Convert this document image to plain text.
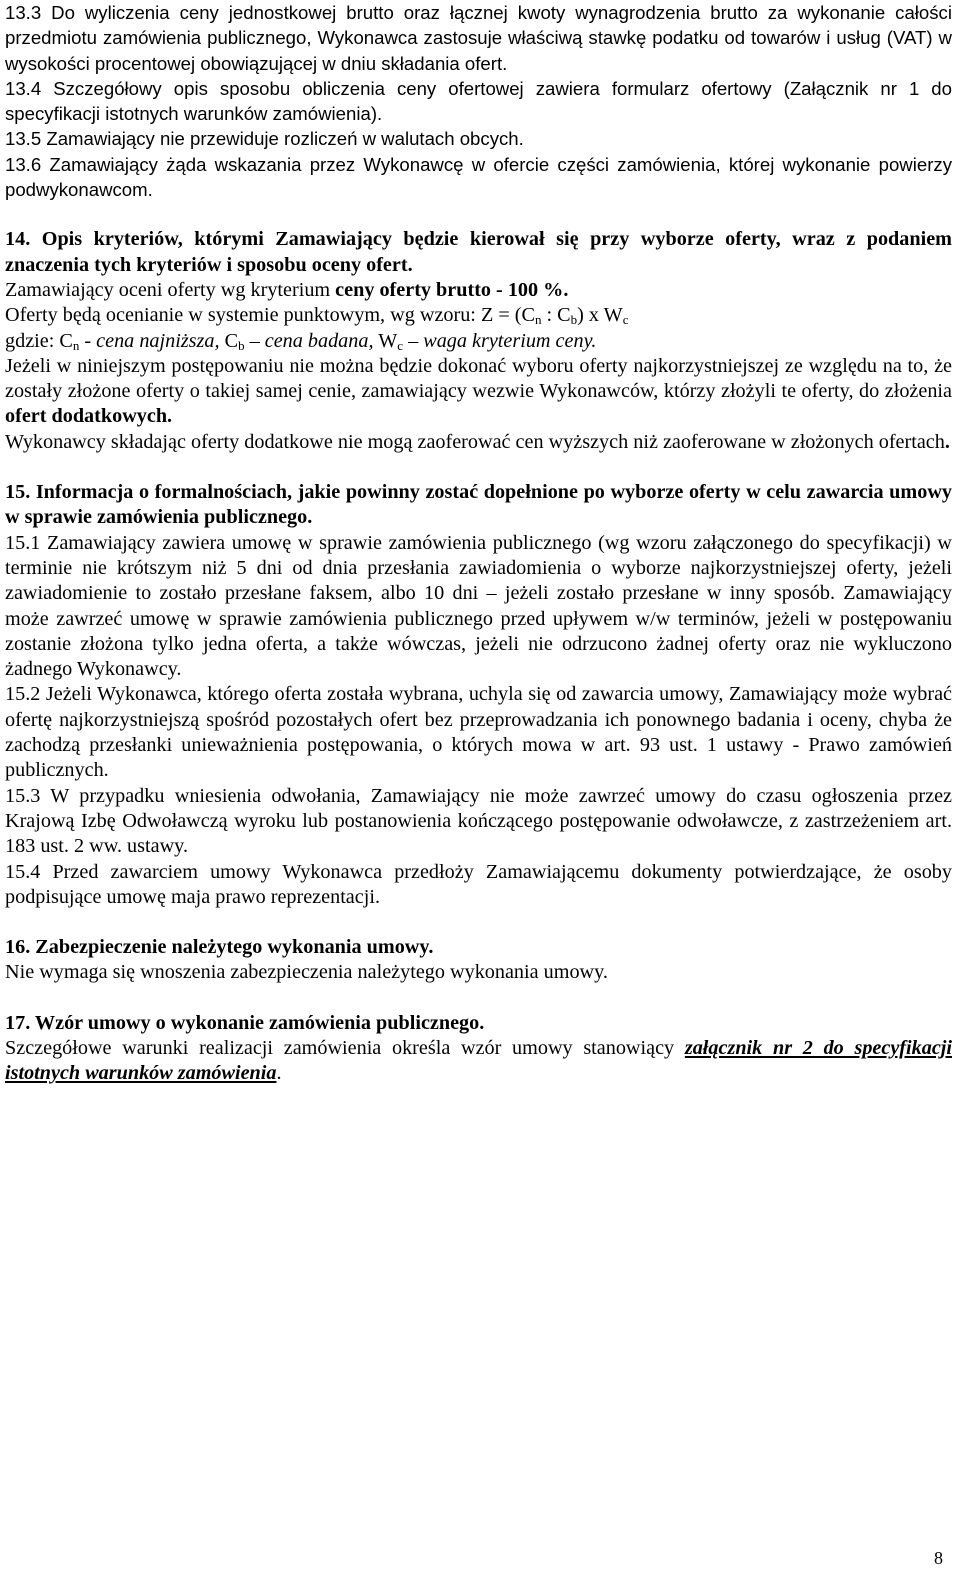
13.3 Do wyliczenia ceny jednostkowej brutto oraz łącznej kwoty wynagrodzenia brutto za wykonanie całości przedmiotu zamówienia publicznego, Wykonawca zastosuje właściwą stawkę podatku od towarów i usług (VAT) w wysokości procentowej obowiązującej w dniu składania ofert.

13.4 Szczegółowy opis sposobu obliczenia ceny ofertowej zawiera formularz ofertowy (Załącznik nr 1 do specyfikacji istotnych warunków zamówienia).

13.5 Zamawiający nie przewiduje rozliczeń w walutach obcych.

13.6 Zamawiający żąda wskazania przez Wykonawcę w ofercie części zamówienia, której wykonanie powierzy podwykonawcom.

14. Opis kryteriów, którymi Zamawiający będzie kierował się przy wyborze oferty, wraz z podaniem znaczenia tych kryteriów i sposobu oceny ofert.

Zamawiający oceni oferty wg kryterium ceny oferty brutto - 100 %.

Oferty będą ocenianie w systemie punktowym, wg wzoru: $Z = (C_n$ : $C_b$) x $W_c$

gdzie: $C_n$ - cena najniższa, $C_b$ – cena badana, $W_c$ – waga kryterium ceny.

Jeżeli w niniejszym postępowaniu nie można będzie dokonać wyboru oferty najkorzystniejszej ze względu na to, że zostały złożone oferty o takiej samej cenie, zamawiający wezwie Wykonawców, którzy złożyli te oferty, do złożenia ofert dodatkowych.

Wykonawcy składając oferty dodatkowe nie mogą zaoferować cen wyższych niż zaoferowane w złożonych ofertach.

15. Informacja o formalnościach, jakie powinny zostać dopełnione po wyborze oferty w celu zawarcia umowy w sprawie zamówienia publicznego.

15.1 Zamawiający zawiera umowę w sprawie zamówienia publicznego (wg wzoru załączonego do specyfikacji) w terminie nie krótszym niż 5 dni od dnia przesłania zawiadomienia o wyborze najkorzystniejszej oferty, jeżeli zawiadomienie to zostało przesłane faksem, albo 10 dni – jeżeli zostało przesłane w inny sposób. Zamawiający może zawrzeć umowę w sprawie zamówienia publicznego przed upływem w/w terminów, jeżeli w postępowaniu zostanie złożona tylko jedna oferta, a także wówczas, jeżeli nie odrzucono żadnej oferty oraz nie wykluczono żadnego Wykonawcy.

15.2 Jeżeli Wykonawca, którego oferta została wybrana, uchyla się od zawarcia umowy, Zamawiający może wybrać ofertę najkorzystniejszą spośród pozostałych ofert bez przeprowadzania ich ponownego badania i oceny, chyba że zachodzą przesłanki unieważnienia postępowania, o których mowa w art. 93 ust. 1 ustawy - Prawo zamówień publicznych.

15.3 W przypadku wniesienia odwołania, Zamawiający nie może zawrzeć umowy do czasu ogłoszenia przez Krajową Izbę Odwoławczą wyroku lub postanowienia kończącego postępowanie odwoławcze, z zastrzeżeniem art. 183 ust. 2 ww. ustawy.

15.4 Przed zawarciem umowy Wykonawca przedłoży Zamawiającemu dokumenty potwierdzające, że osoby podpisujące umowę maja prawo reprezentacji.

16. Zabezpieczenie należytego wykonania umowy.

Nie wymaga się wnoszenia zabezpieczenia należytego wykonania umowy.

17. Wzór umowy o wykonanie zamówienia publicznego.

Szczegółowe warunki realizacji zamówienia określa wzór umowy stanowiący załącznik nr 2 do specyfikacji istotnych warunków zamówienia.

8
